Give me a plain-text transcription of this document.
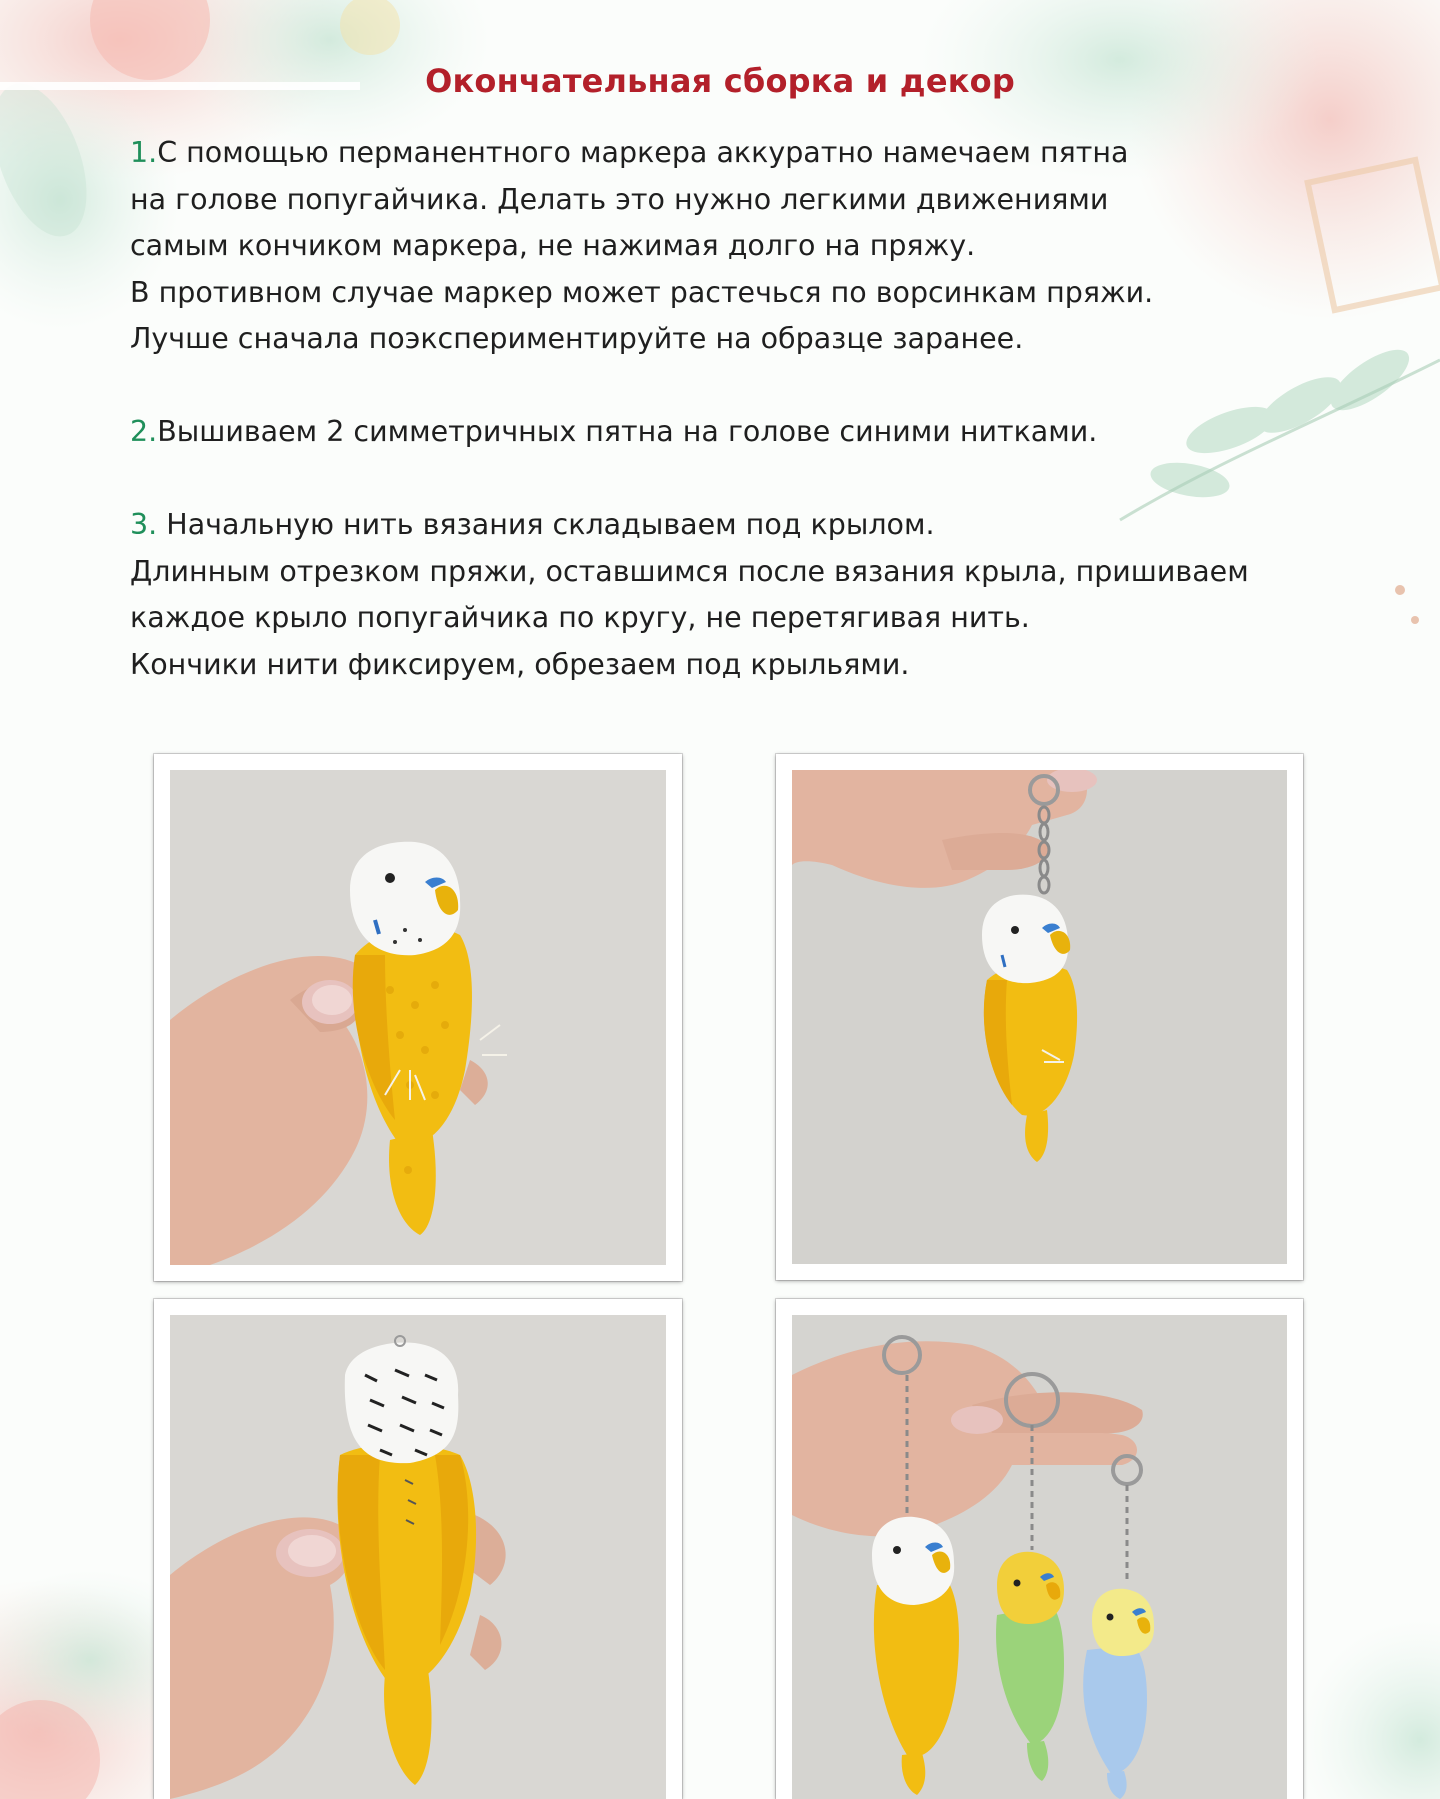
Окончательная сборка и декор
1.С помощью перманентного маркера аккуратно намечаем пятна
на голове попугайчика. Делать это нужно легкими движениями
самым кончиком маркера, не нажимая долго на пряжу.
В противном случае маркер может растечься по ворсинкам пряжи.
Лучше сначала поэкспериментируйте на образце заранее.
2.Вышиваем 2 симметричных пятна на голове синими нитками.
3. Начальную нить вязания складываем под крылом.
Длинным отрезком пряжи, оставшимся после вязания крыла, пришиваем
каждое крыло попугайчика по кругу, не перетягивая нить.
Кончики нити фиксируем, обрезаем под крыльями.
